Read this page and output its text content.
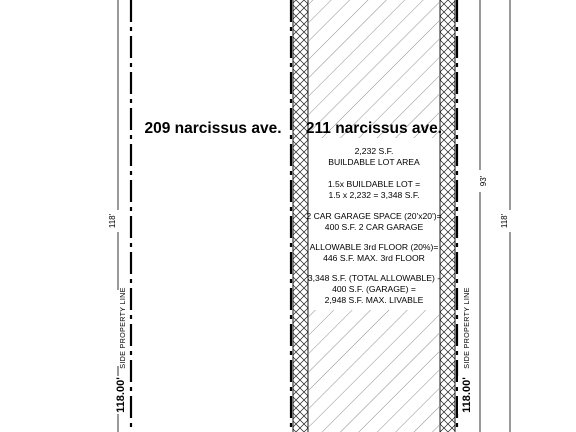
209 narcissus ave. 211 narcissus ave.
2,232 S.F.
BUILDABLE LOT AREA
1.5x BUILDABLE LOT =
1.5 x 2,232 = 3,348 S.F.
2 CAR GARAGE SPACE (20'x20')=
400 S.F. 2 CAR GARAGE
ALLOWABLE 3rd FLOOR (20%)=
446 S.F. MAX. 3rd FLOOR
3,348 S.F. (TOTAL ALLOWABLE) -
400 S.F. (GARAGE) =
2,948 S.F. MAX. LIVABLE
118'
93'
118'
SIDE PROPERTY LINE	SIDE PROPERTY LINE
118.00'	118.00'
